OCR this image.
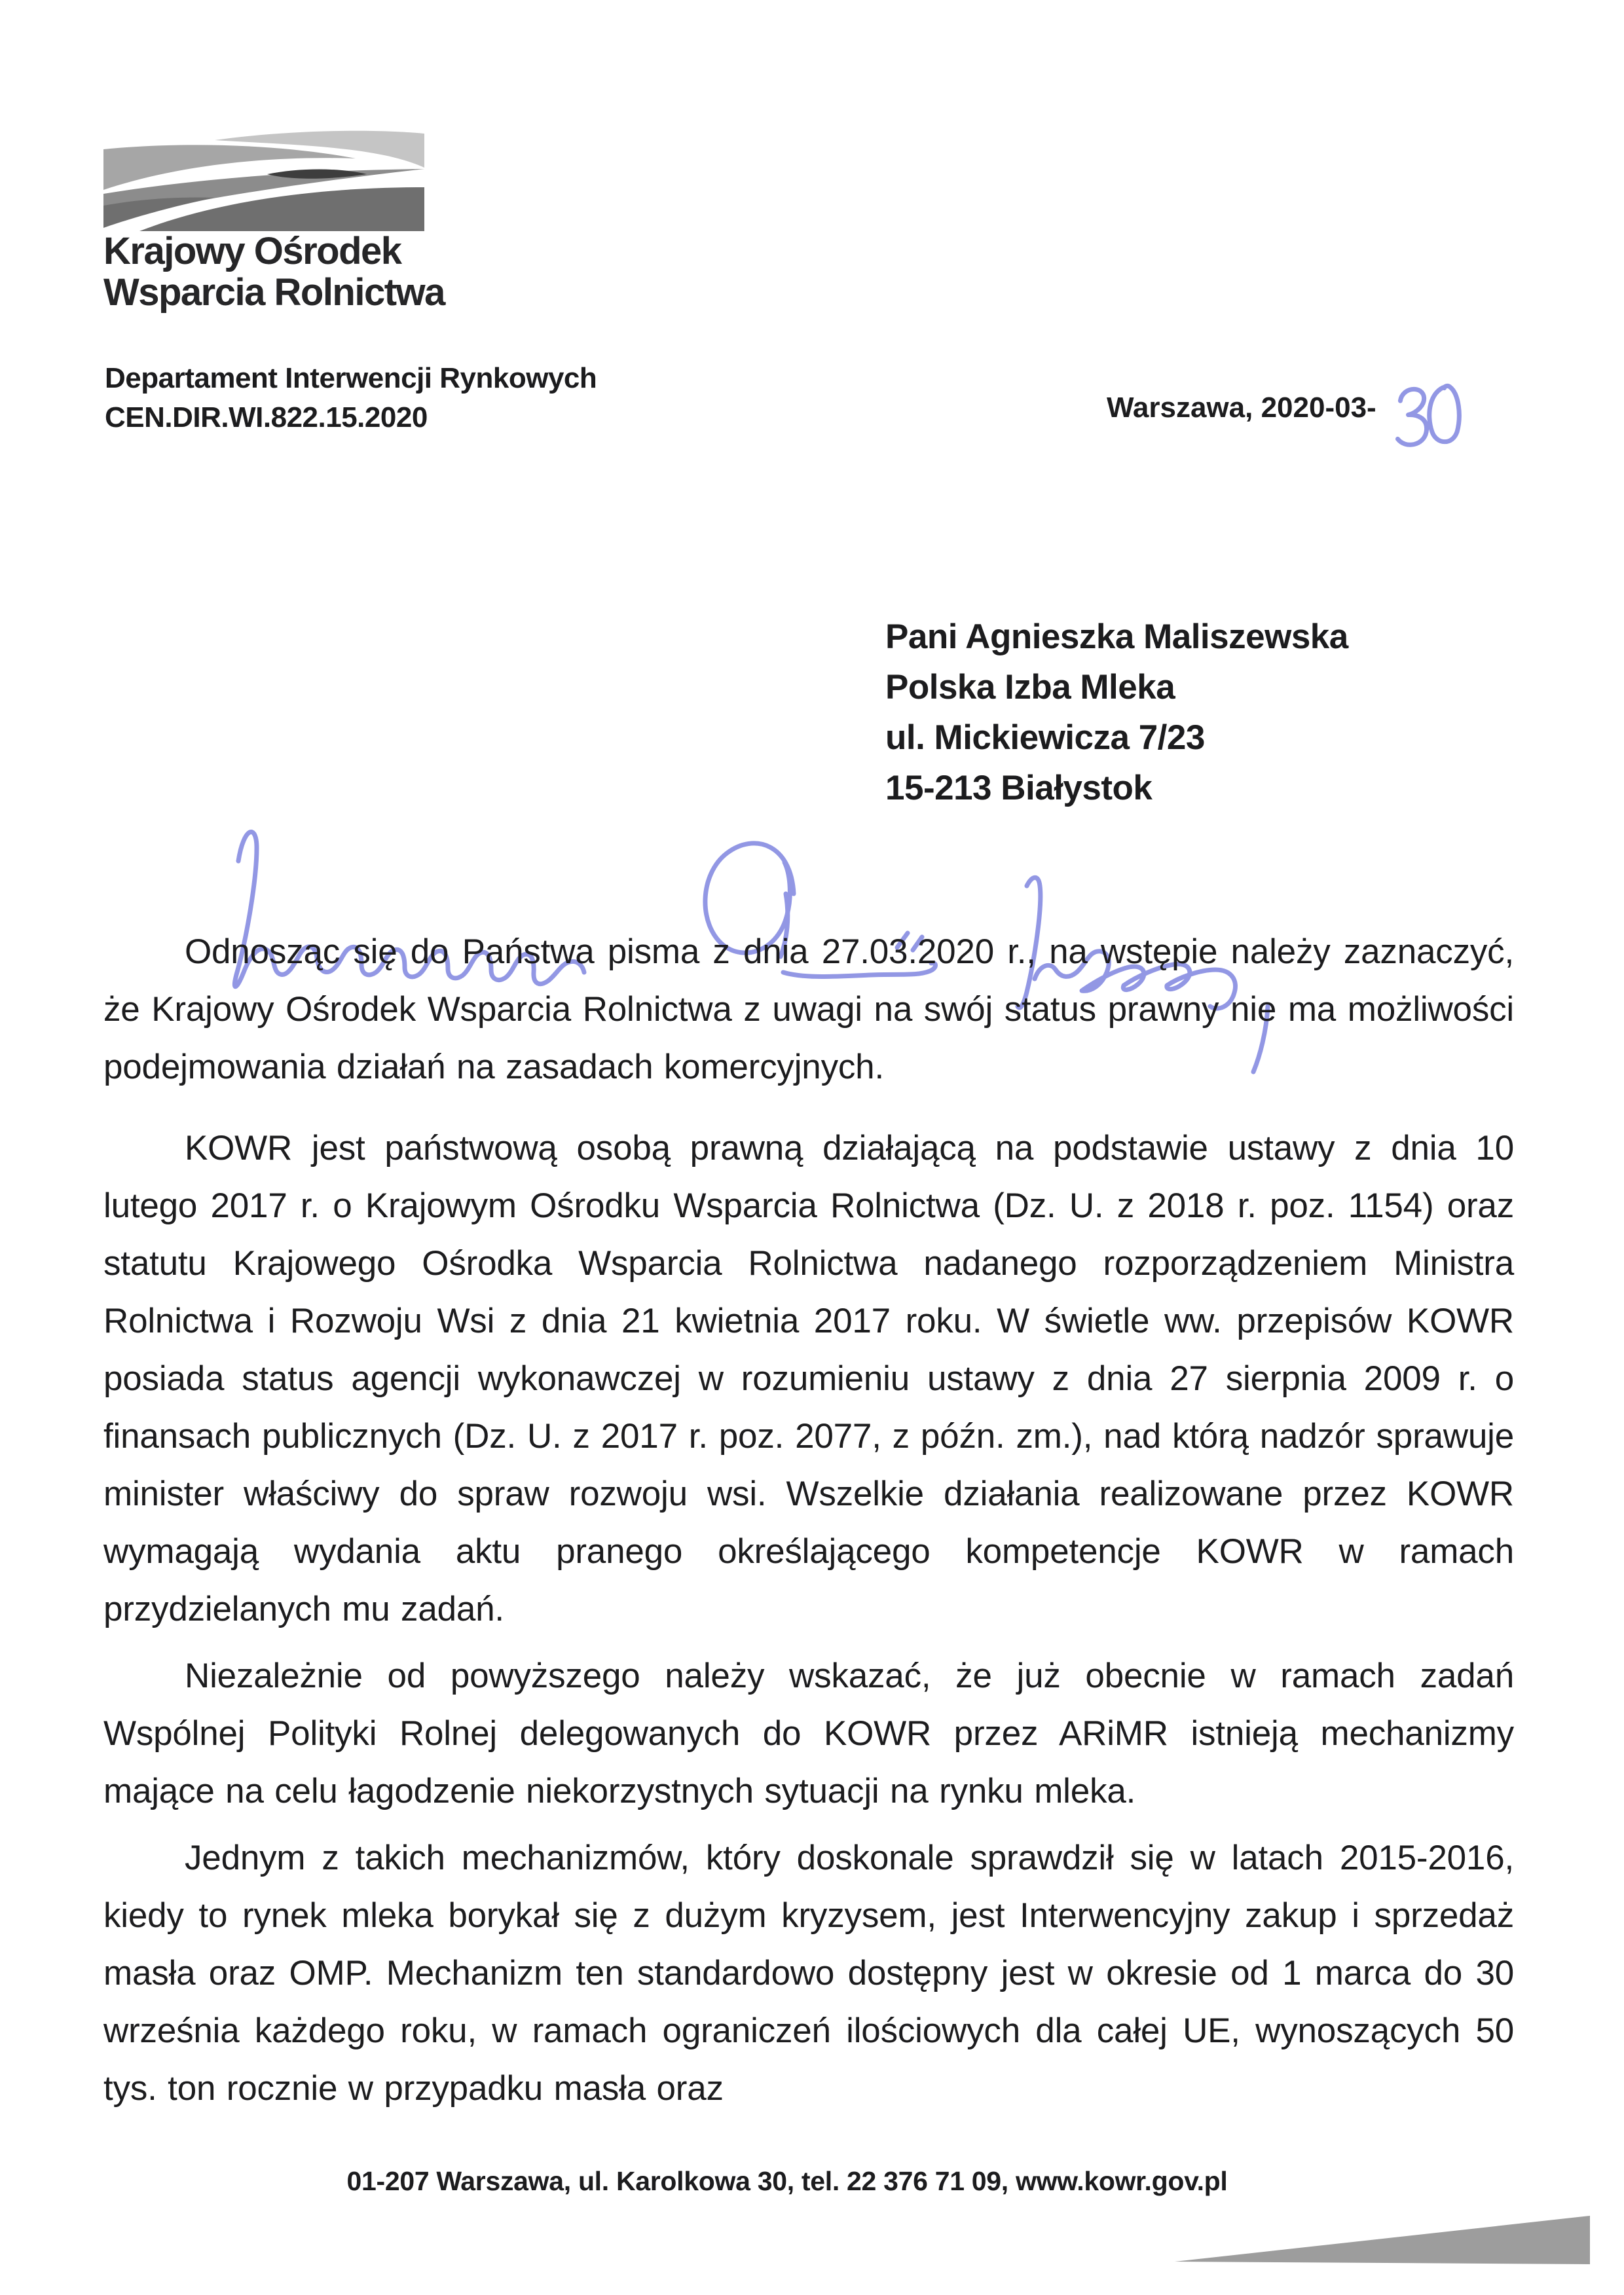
Krajowy Ośrodek
Wsparcia Rolnictwa
Departament Interwencji Rynkowych
CEN.DIR.WI.822.15.2020	Warszawa, 2020-03-
Pani Agnieszka Maliszewska
Polska Izba Mleka
ul. Mickiewicza 7/23
15-213 Białystok

Odnosząc się do Państwa pisma z dnia 27.03.2020 r., na wstępie należy zaznaczyć, że Krajowy Ośrodek Wsparcia Rolnictwa z uwagi na swój status prawny nie ma możliwości podejmowania działań na zasadach komercyjnych.

KOWR jest państwową osobą prawną działającą na podstawie ustawy z dnia 10 lutego 2017 r. o Krajowym Ośrodku Wsparcia Rolnictwa (Dz. U. z 2018 r. poz. 1154) oraz statutu Krajowego Ośrodka Wsparcia Rolnictwa nadanego rozporządzeniem Ministra Rolnictwa i Rozwoju Wsi z dnia 21 kwietnia 2017 roku. W świetle ww. przepisów KOWR posiada status agencji wykonawczej w rozumieniu ustawy z dnia 27 sierpnia 2009 r. o finansach publicznych (Dz. U. z 2017 r. poz. 2077, z późn. zm.), nad którą nadzór sprawuje minister właściwy do spraw rozwoju wsi. Wszelkie działania realizowane przez KOWR wymagają wydania aktu pranego określającego kompetencje KOWR w ramach przydzielanych mu zadań.

Niezależnie od powyższego należy wskazać, że już obecnie w ramach zadań Wspólnej Polityki Rolnej delegowanych do KOWR przez ARiMR istnieją mechanizmy mające na celu łagodzenie niekorzystnych sytuacji na rynku mleka.

Jednym z takich mechanizmów, który doskonale sprawdził się w latach 2015-2016, kiedy to rynek mleka borykał się z dużym kryzysem, jest Interwencyjny zakup i sprzedaż masła oraz OMP. Mechanizm ten standardowo dostępny jest w okresie od 1 marca do 30 września każdego roku, w ramach ograniczeń ilościowych dla całej UE, wynoszących 50 tys. ton rocznie w przypadku masła oraz

01-207 Warszawa, ul. Karolkowa 30, tel. 22 376 71 09, www.kowr.gov.pl
